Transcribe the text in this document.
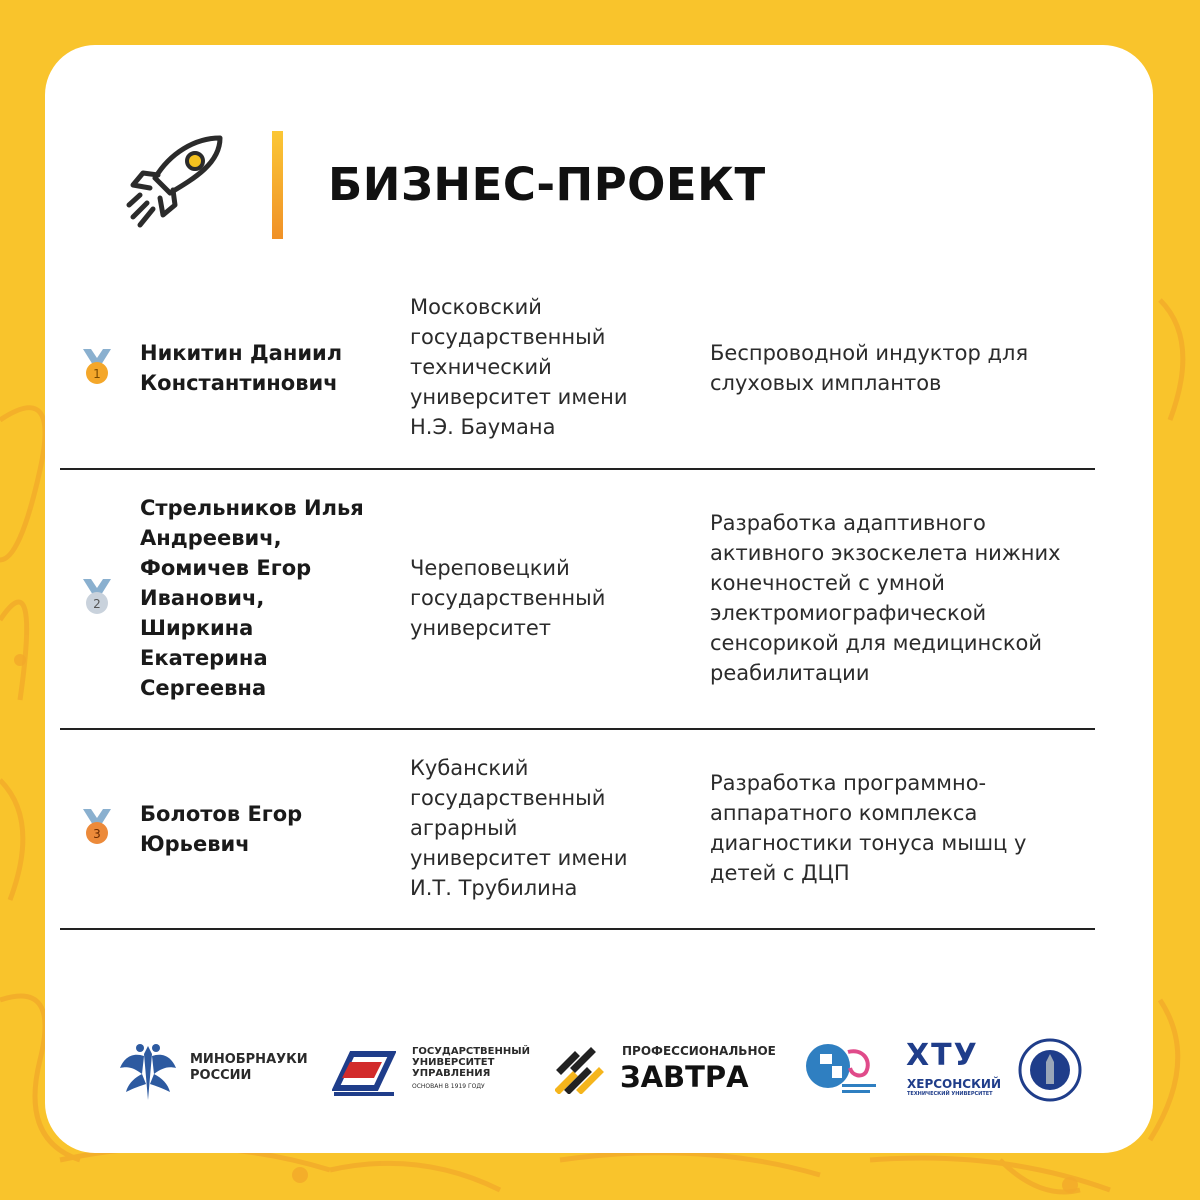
БИЗНЕС-ПРОЕКТ
1
Никитин Даниил Константинович
Московский государственный технический университет имени Н.Э. Баумана
Беспроводной индуктор для слуховых имплантов
2
Стрельников Илья Андреевич, Фомичев Егор Иванович, Ширкина Екатерина Сергеевна
Череповецкий государственный университет
Разработка адаптивного активного экзоскелета нижних конечностей с умной электромиографической сенсорикой для медицинской реабилитации
3
Болотов Егор Юрьевич
Кубанский государственный аграрный университет имени И.Т. Трубилина
Разработка программно-аппаратного комплекса диагностики тонуса мышц у детей с ДЦП
МИНОБРНАУКИ РОССИИ
ГОСУДАРСТВЕННЫЙ
УНИВЕРСИТЕТ
УПРАВЛЕНИЯ
ОСНОВАН В 1919 ГОДУ
ПРОФЕССИОНАЛЬНОЕ
ЗАВТРА
ХТУ
ХЕРСОНСКИЙ
ТЕХНИЧЕСКИЙ УНИВЕРСИТЕТ
